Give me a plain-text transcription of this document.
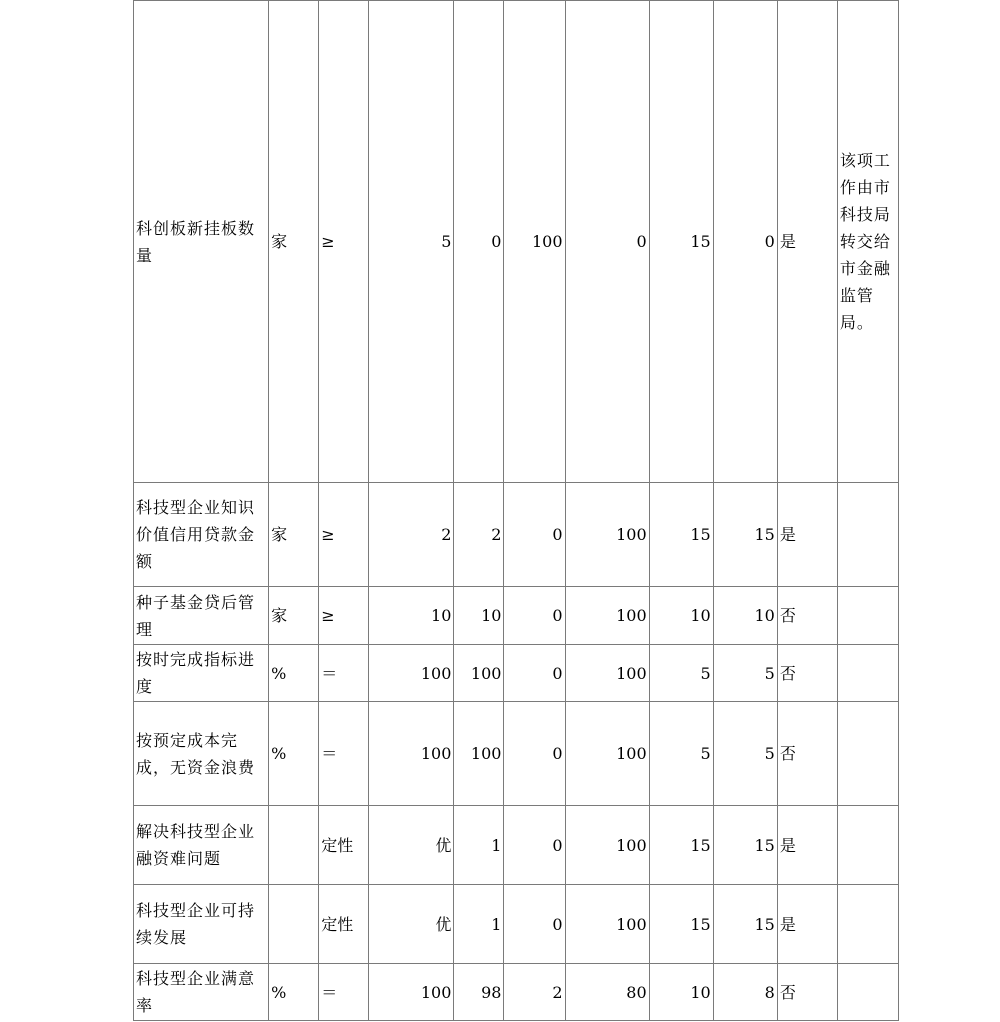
科创板新挂板数量	家	≥	5	0	100	0	15	0	是	该项工作由市科技局转交给市金融监管局。

科技型企业知识价值信用贷款金额	家	≥	2	2	0	100	15	15	是	
种子基金贷后管理	家	≥	10	10	0	100	10	10	否	
按时完成指标进度	%	＝	100	100	0	100	5	5	否	
按预定成本完成，无资金浪费	%	＝	100	100	0	100	5	5	否	
解决科技型企业融资难问题		定性	优	1	0	100	15	15	是	
科技型企业可持续发展		定性	优	1	0	100	15	15	是	
科技型企业满意率	%	＝	100	98	2	80	10	8	否	
